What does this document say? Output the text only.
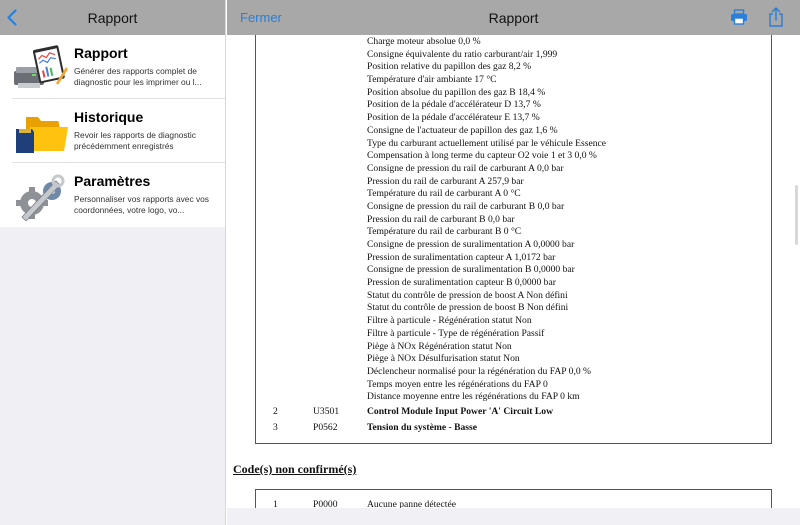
Rapport
Rapport
Générer des rapports complet de diagnostic pour les imprimer ou l...
Historique
Revoir les rapports de diagnostic précédemment enregistrés
Paramètres
Personnaliser vos rapports avec vos coordonnées, votre logo, vo...
Fermer	Rapport
Charge moteur absolue 0,0 %
Consigne équivalente du ratio carburant/air 1,999
Position relative du papillon des gaz 8,2 %
Température d'air ambiante 17 °C
Position absolue du papillon des gaz B 18,4 %
Position de la pédale d'accélérateur D 13,7 %
Position de la pédale d'accélérateur E 13,7 %
Consigne de l'actuateur de papillon des gaz 1,6 %
Type du carburant actuellement utilisé par le véhicule Essence
Compensation à long terme du capteur O2 voie 1 et 3 0,0 %
Consigne de pression du rail de carburant A 0,0 bar
Pression du rail de carburant A 257,9 bar
Température du rail de carburant A 0 °C
Consigne de pression du rail de carburant B 0,0 bar
Pression du rail de carburant B 0,0 bar
Température du rail de carburant B 0 °C
Consigne de pression de suralimentation A 0,0000 bar
Pression de suralimentation capteur A 1,0172 bar
Consigne de pression de suralimentation B 0,0000 bar
Pression de suralimentation capteur B 0,0000 bar
Statut du contrôle de pression de boost A Non défini
Statut du contrôle de pression de boost B Non défini
Filtre à particule - Régénération statut Non
Filtre à particule - Type de régénération Passif
Piège à NOx Régénération statut Non
Piège à NOx Désulfurisation statut Non
Déclencheur normalisé pour la régénération du FAP 0,0 %
Temps moyen entre les régénérations du FAP 0
Distance moyenne entre les régénérations du FAP 0 km
2	U3501	Control Module Input Power 'A' Circuit Low
3	P0562	Tension du système - Basse
Code(s) non confirmé(s)
1	P0000	Aucune panne détectée
